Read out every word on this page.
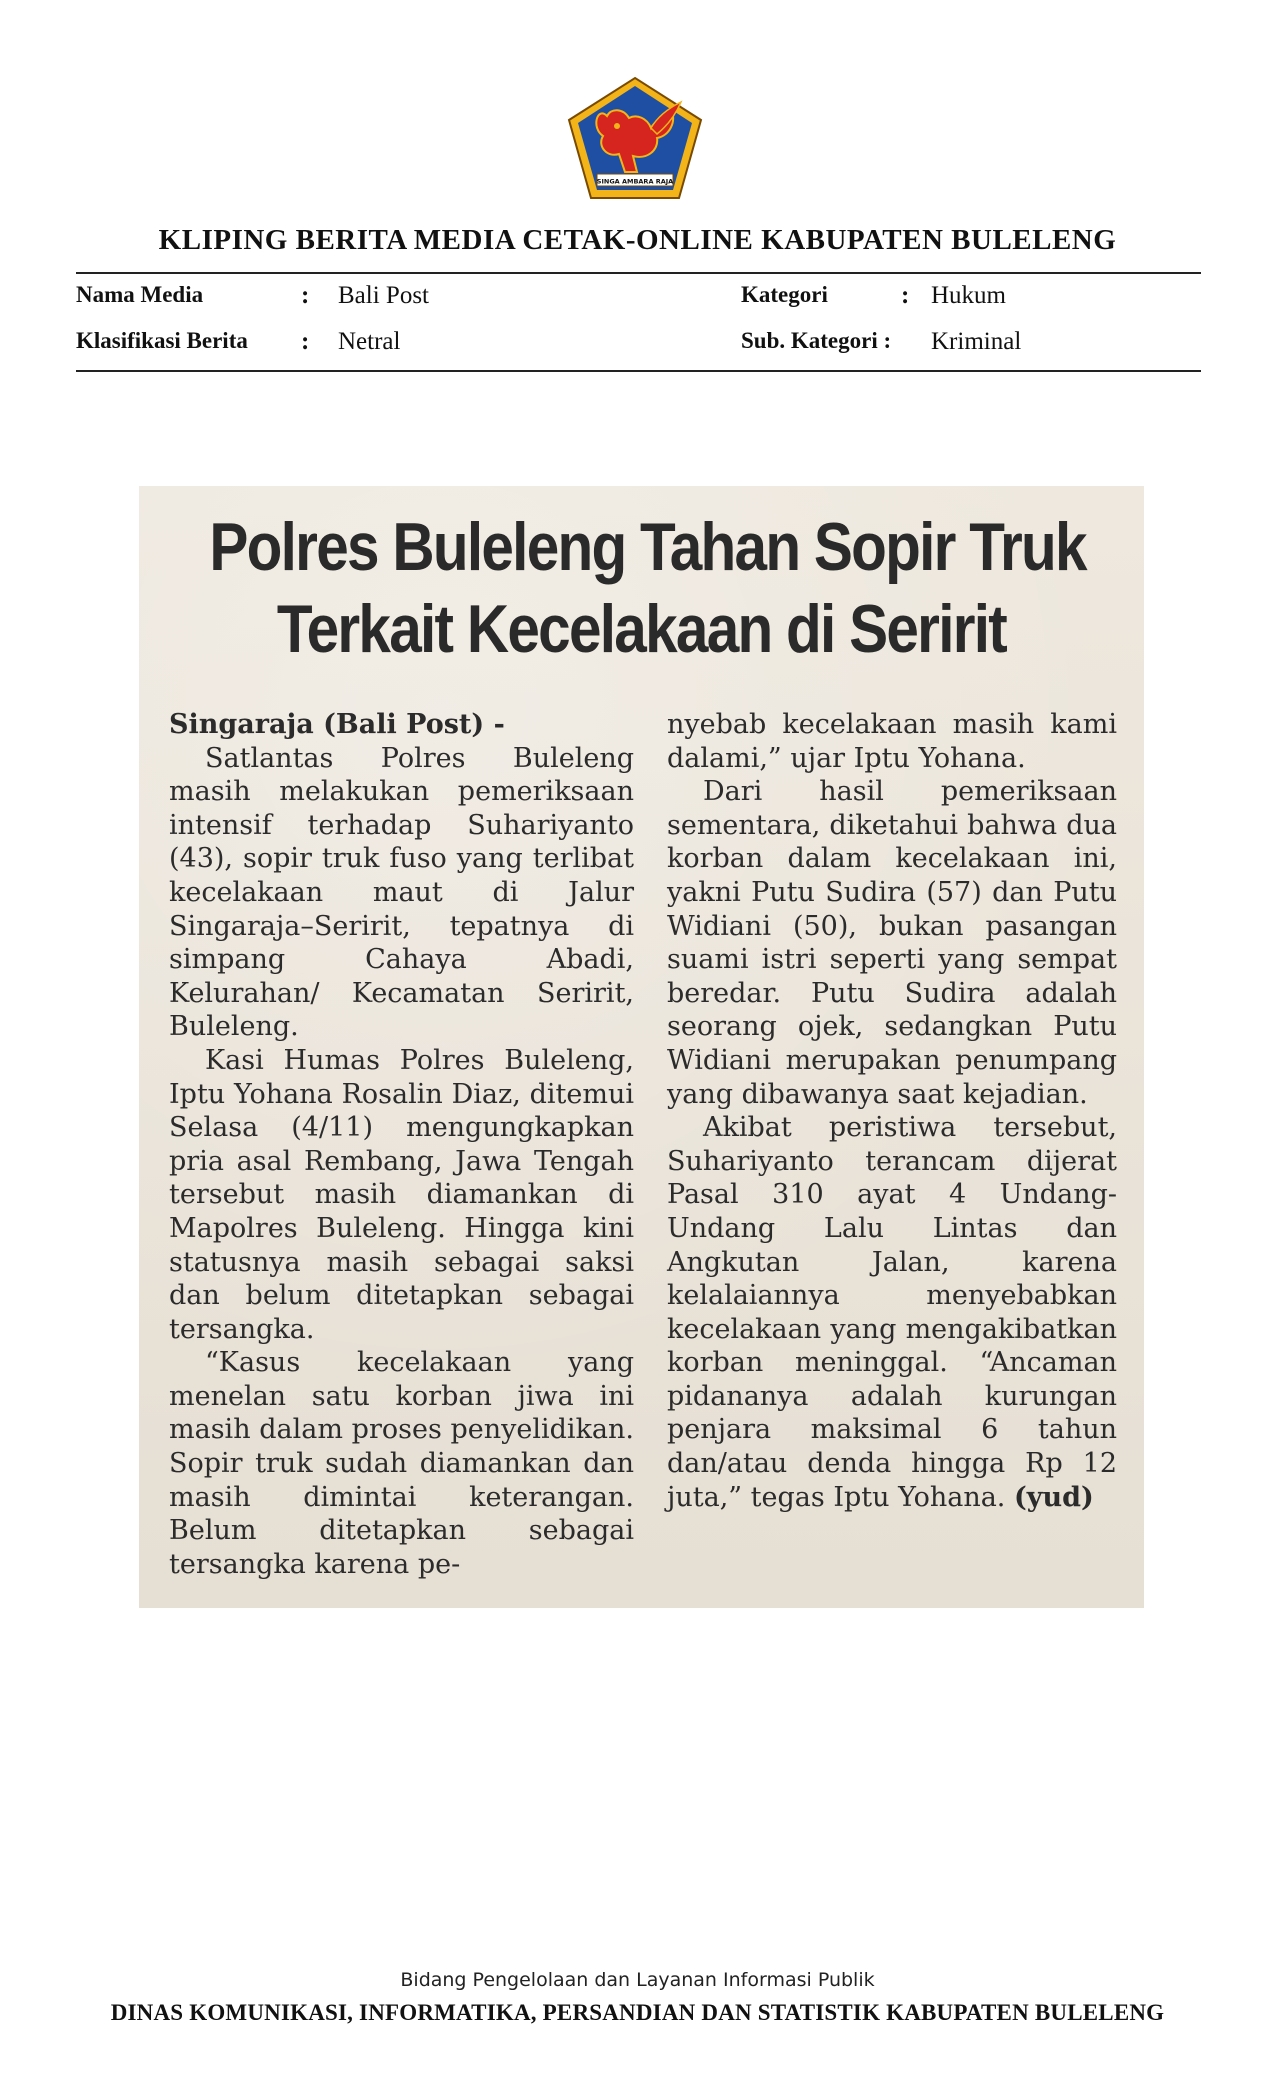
SINGA AMBARA RAJA
KLIPING BERITA MEDIA CETAK-ONLINE KABUPATEN BULELENG
Nama Media	: Bali Post
Klasifikasi Berita : Netral
Kategori	: Hukum
Sub. Kategori : Kriminal
Polres Buleleng Tahan Sopir Truk
Terkait Kecelakaan di Seririt

Singaraja (Bali Post) -

Satlantas Polres Buleleng masih melakukan pemeriksaan intensif terhadap Suhariyanto (43), sopir truk fuso yang terlibat kecelakaan maut di Jalur Singaraja–Seririt, tepatnya di simpang Cahaya Abadi, Kelurahan/ Kecamatan Seririt, Buleleng.

Kasi Humas Polres Buleleng, Iptu Yohana Rosalin Diaz, ditemui Selasa (4/11) mengungkapkan pria asal Rembang, Jawa Tengah tersebut masih diamankan di Mapolres Buleleng. Hingga kini statusnya masih sebagai saksi dan belum ditetapkan sebagai tersangka.

“Kasus kecelakaan yang menelan satu korban jiwa ini masih dalam proses penyelidikan. Sopir truk sudah diamankan dan masih dimintai keterangan. Belum ditetapkan sebagai tersangka karena pe-

nyebab kecelakaan masih kami dalami,” ujar Iptu Yohana.

Dari hasil pemeriksaan sementara, diketahui bahwa dua korban dalam kecelakaan ini, yakni Putu Sudira (57) dan Putu Widiani (50), bukan pasangan suami istri seperti yang sempat beredar. Putu Sudira adalah seorang ojek, sedangkan Putu Widiani merupakan penumpang yang dibawanya saat kejadian.

Akibat peristiwa tersebut, Suhariyanto terancam dijerat Pasal 310 ayat 4 Undang-Undang Lalu Lintas dan Angkutan Jalan, karena kelalaiannya menyebabkan kecelakaan yang mengakibatkan korban meninggal. “Ancaman pidananya adalah kurungan penjara maksimal 6 tahun dan/atau denda hingga Rp 12 juta,” tegas Iptu Yohana. (yud)

Bidang Pengelolaan dan Layanan Informasi Publik
DINAS KOMUNIKASI, INFORMATIKA, PERSANDIAN DAN STATISTIK KABUPATEN BULELENG
